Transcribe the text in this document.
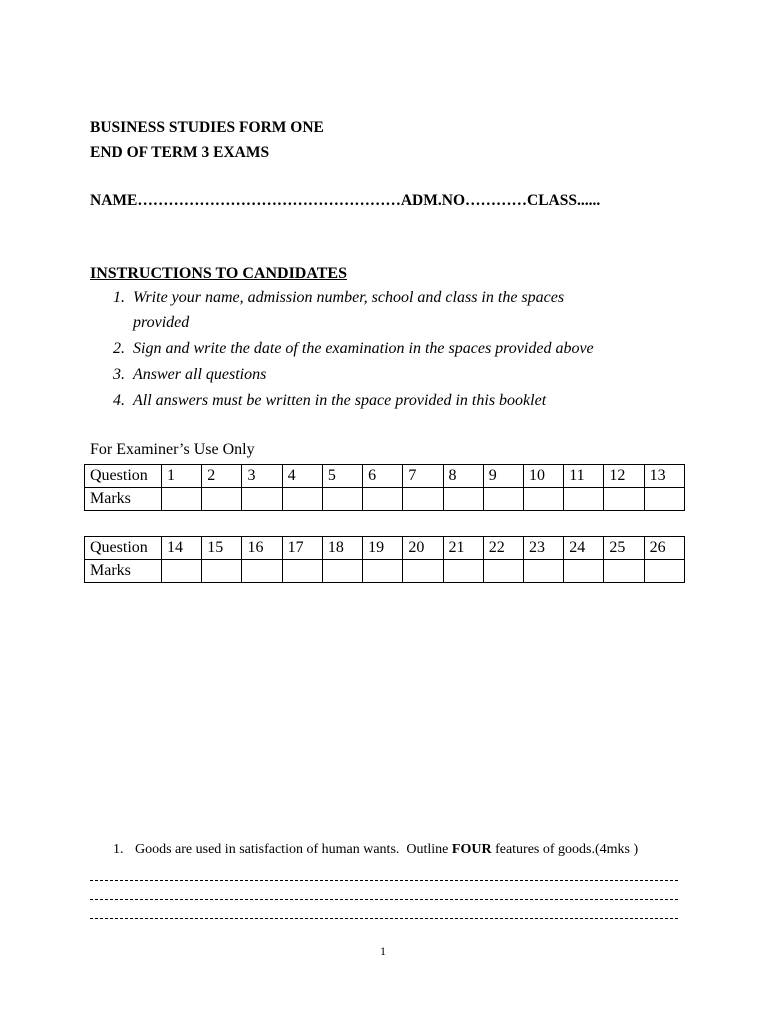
BUSINESS STUDIES FORM ONE
END OF TERM 3 EXAMS
NAME……………………………………………ADM.NO…………CLASS......
INSTRUCTIONS TO CANDIDATES
1. Write your name, admission number, school and class in the spaces
provided
2. Sign and write the date of the examination in the spaces provided above
3. Answer all questions
4. All answers must be written in the space provided in this booklet
For Examiner’s Use Only
Question	1	2	3	4	5	6	7	8	9	10	11	12	13
Marks													
Question	14	15	16	17	18	19	20	21	22	23	24	25	26
Marks													
1. Goods are used in satisfaction of human wants.  Outline FOUR features of goods.(4mks )
1
